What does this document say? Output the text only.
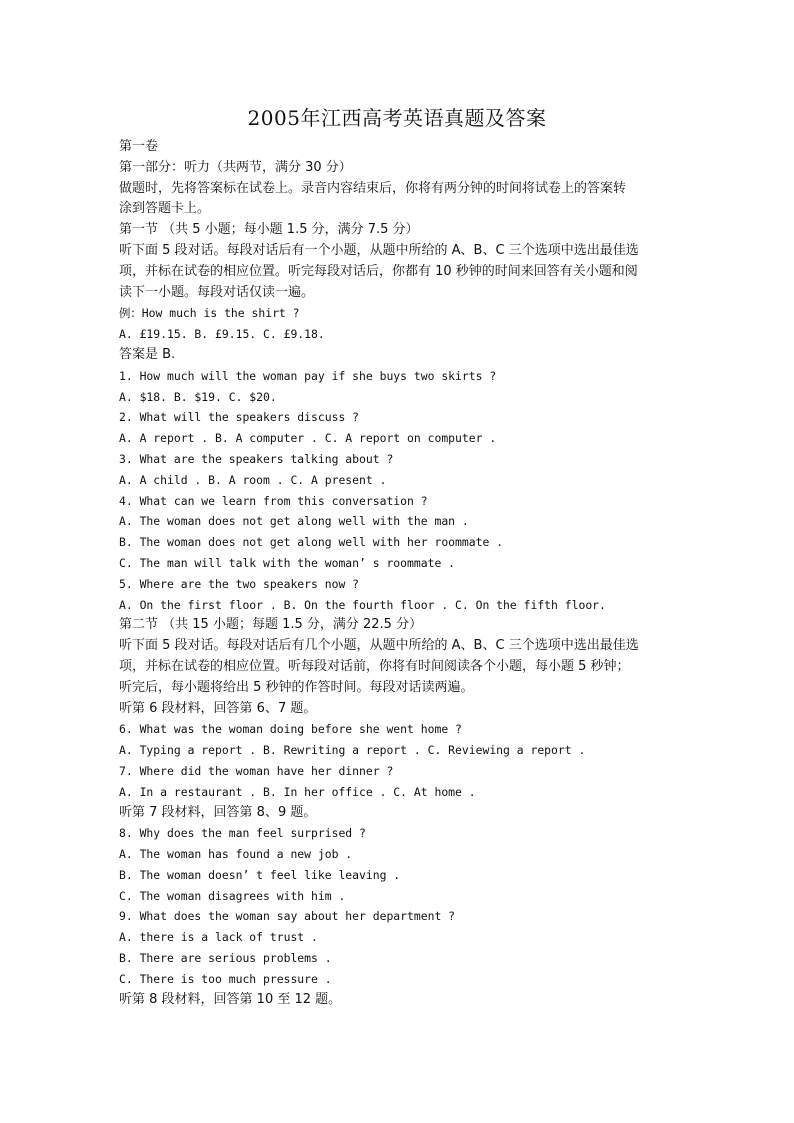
2005年江西高考英语真题及答案

第一卷

第一部分：听力（共两节，满分 30 分）

做题时，先将答案标在试卷上。录音内容结束后，你将有两分钟的时间将试卷上的答案转

涂到答题卡上。

第一节 （共 5 小题；每小题 1.5 分，满分 7.5 分）

听下面 5 段对话。每段对话后有一个小题，从题中所给的 A、B、C 三个选项中选出最佳选

项，并标在试卷的相应位置。听完每段对话后，你都有 10 秒钟的时间来回答有关小题和阅

读下一小题。每段对话仅读一遍。

例：How much is the shirt ?

A. £19.15. B. £9.15. C. £9.18.

答案是 B.

1. How much will the woman pay if she buys two skirts ?

A. $18. B. $19. C. $20.

2. What will the speakers discuss ?

A. A report . B. A computer . C. A report on computer .

3. What are the speakers talking about ?

A. A child . B. A room . C. A present .

4. What can we learn from this conversation ?

A. The woman does not get along well with the man .

B. The woman does not get along well with her roommate .

C. The man will talk with the woman’ s roommate .

5. Where are the two speakers now ?

A. On the first floor . B. On the fourth floor . C. On the fifth floor.

第二节 （共 15 小题；每题 1.5 分，满分 22.5 分）

听下面 5 段对话。每段对话后有几个小题，从题中所给的 A、B、C 三个选项中选出最佳选

项，并标在试卷的相应位置。听每段对话前，你将有时间阅读各个小题，每小题 5 秒钟；

听完后，每小题将给出 5 秒钟的作答时间。每段对话读两遍。

听第 6 段材料，回答第 6、7 题。

6. What was the woman doing before she went home ?

A. Typing a report . B. Rewriting a report . C. Reviewing a report .

7. Where did the woman have her dinner ?

A. In a restaurant . B. In her office . C. At home .

听第 7 段材料，回答第 8、9 题。

8. Why does the man feel surprised ?

A. The woman has found a new job .

B. The woman doesn’ t feel like leaving .

C. The woman disagrees with him .

9. What does the woman say about her department ?

A. there is a lack of trust .

B. There are serious problems .

C. There is too much pressure .

听第 8 段材料，回答第 10 至 12 题。
